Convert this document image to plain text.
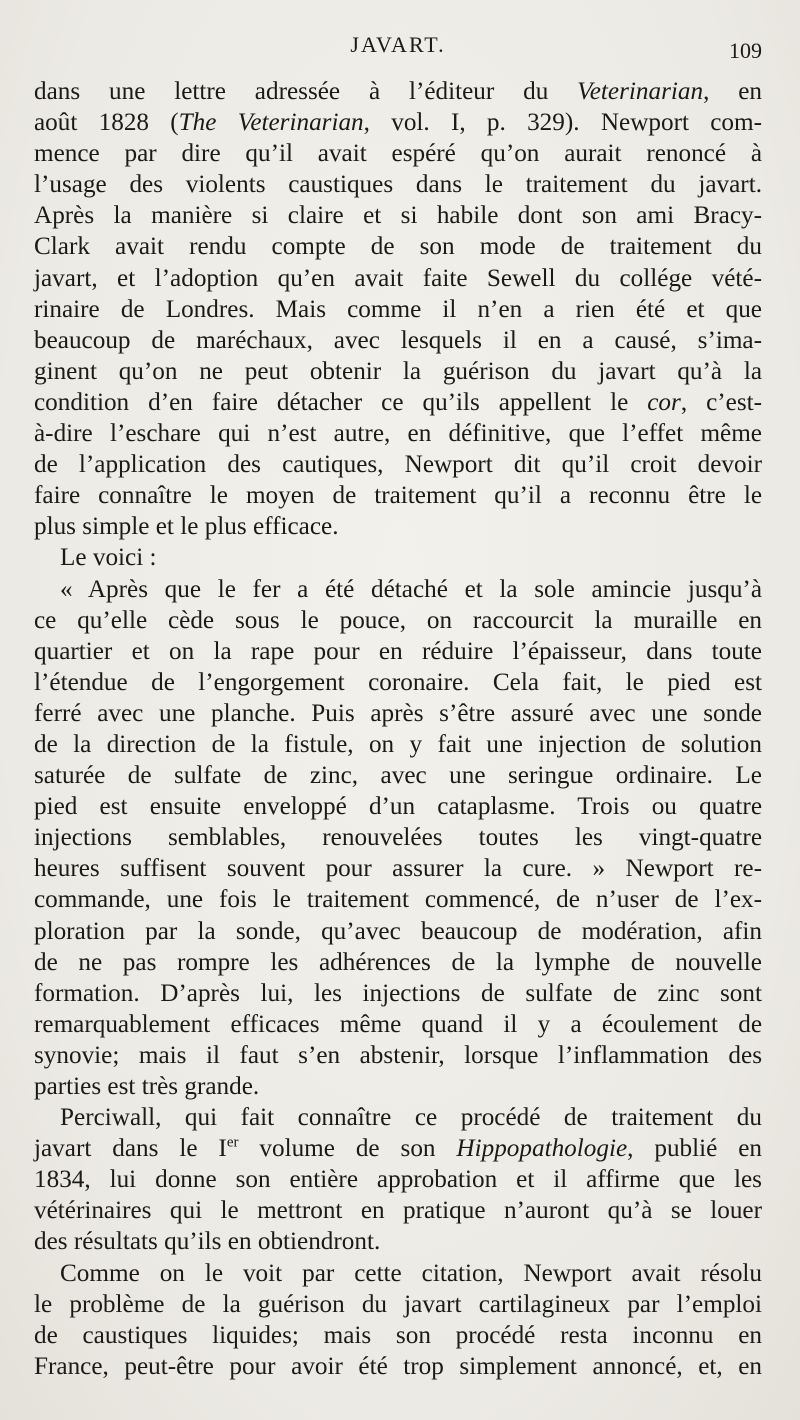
JAVART.	109

dans une lettre adressée à l’éditeur du Veterinarian, en
août 1828 (The Veterinarian, vol. I, p. 329). Newport com-
mence par dire qu’il avait espéré qu’on aurait renoncé à
l’usage des violents caustiques dans le traitement du javart.
Après la manière si claire et si habile dont son ami Bracy-
Clark avait rendu compte de son mode de traitement du
javart, et l’adoption qu’en avait faite Sewell du collége vété-
rinaire de Londres. Mais comme il n’en a rien été et que
beaucoup de maréchaux, avec lesquels il en a causé, s’ima-
ginent qu’on ne peut obtenir la guérison du javart qu’à la
condition d’en faire détacher ce qu’ils appellent le cor, c’est-
à-dire l’eschare qui n’est autre, en définitive, que l’effet même
de l’application des cautiques, Newport dit qu’il croit devoir
faire connaître le moyen de traitement qu’il a reconnu être le
plus simple et le plus efficace.

Le voici :

« Après que le fer a été détaché et la sole amincie jusqu’à
ce qu’elle cède sous le pouce, on raccourcit la muraille en
quartier et on la rape pour en réduire l’épaisseur, dans toute
l’étendue de l’engorgement coronaire. Cela fait, le pied est
ferré avec une planche. Puis après s’être assuré avec une sonde
de la direction de la fistule, on y fait une injection de solution
saturée de sulfate de zinc, avec une seringue ordinaire. Le
pied est ensuite enveloppé d’un cataplasme. Trois ou quatre
injections semblables, renouvelées toutes les vingt-quatre
heures suffisent souvent pour assurer la cure. » Newport re-
commande, une fois le traitement commencé, de n’user de l’ex-
ploration par la sonde, qu’avec beaucoup de modération, afin
de ne pas rompre les adhérences de la lymphe de nouvelle
formation. D’après lui, les injections de sulfate de zinc sont
remarquablement efficaces même quand il y a écoulement de
synovie; mais il faut s’en abstenir, lorsque l’inflammation des
parties est très grande.

Perciwall, qui fait connaître ce procédé de traitement du
javart dans le Ier volume de son Hippopathologie, publié en
1834, lui donne son entière approbation et il affirme que les
vétérinaires qui le mettront en pratique n’auront qu’à se louer
des résultats qu’ils en obtiendront.

Comme on le voit par cette citation, Newport avait résolu
le problème de la guérison du javart cartilagineux par l’emploi
de caustiques liquides; mais son procédé resta inconnu en
France, peut-être pour avoir été trop simplement annoncé, et, en
